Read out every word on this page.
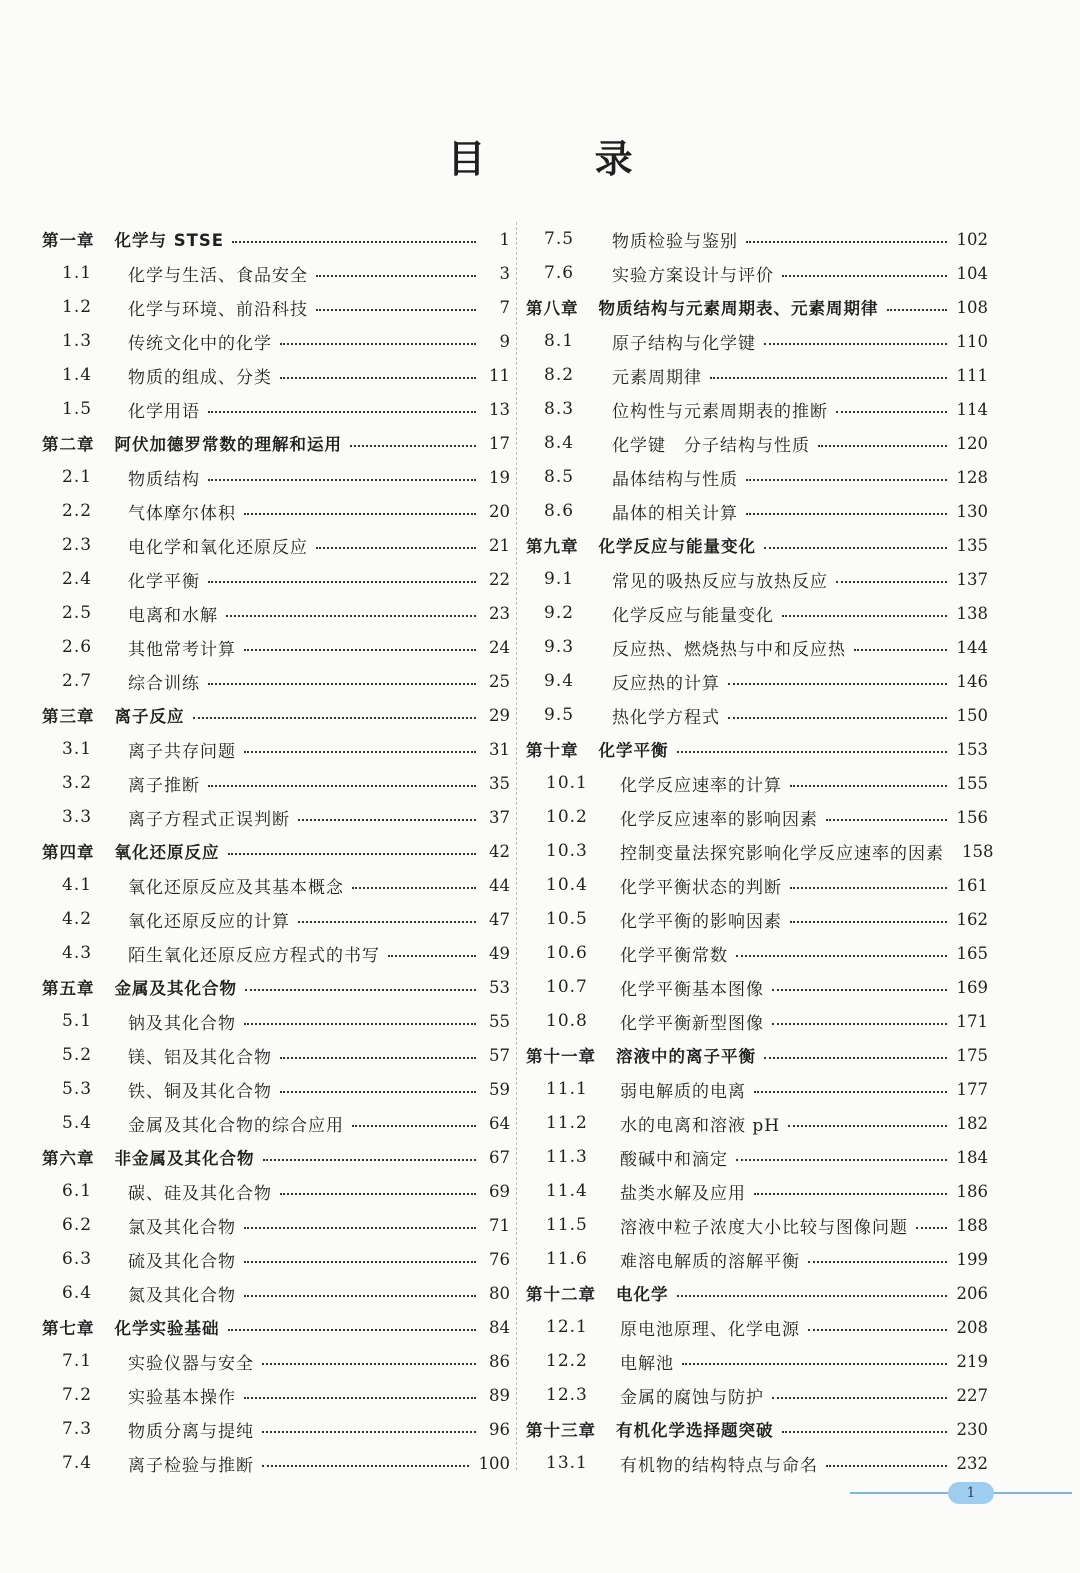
目 录
第一章 化学与 STSE	1
1.1	化学与生活、食品安全	3
1.2	化学与环境、前沿科技	7
1.3	传统文化中的化学	9
1.4	物质的组成、分类	11
1.5	化学用语	13
第二章 阿伏加德罗常数的理解和运用	17
2.1	物质结构	19
2.2	气体摩尔体积	20
2.3	电化学和氧化还原反应	21
2.4	化学平衡	22
2.5	电离和水解	23
2.6	其他常考计算	24
2.7	综合训练	25
第三章 离子反应	29
3.1	离子共存问题	31
3.2	离子推断	35
3.3	离子方程式正误判断	37
第四章 氧化还原反应	42
4.1	氧化还原反应及其基本概念	44
4.2	氧化还原反应的计算	47
4.3	陌生氧化还原反应方程式的书写	49
第五章 金属及其化合物	53
5.1	钠及其化合物	55
5.2	镁、铝及其化合物	57
5.3	铁、铜及其化合物	59
5.4	金属及其化合物的综合应用	64
第六章 非金属及其化合物	67
6.1	碳、硅及其化合物	69
6.2	氯及其化合物	71
6.3	硫及其化合物	76
6.4	氮及其化合物	80
第七章 化学实验基础	84
7.1	实验仪器与安全	86
7.2	实验基本操作	89
7.3	物质分离与提纯	96
7.4	离子检验与推断	100
7.5	物质检验与鉴别	102
7.6	实验方案设计与评价	104
第八章 物质结构与元素周期表、元素周期律	108
8.1	原子结构与化学键	110
8.2	元素周期律	111
8.3	位构性与元素周期表的推断	114
8.4	化学键　分子结构与性质	120
8.5	晶体结构与性质	128
8.6	晶体的相关计算	130
第九章 化学反应与能量变化	135
9.1	常见的吸热反应与放热反应	137
9.2	化学反应与能量变化	138
9.3	反应热、燃烧热与中和反应热	144
9.4	反应热的计算	146
9.5	热化学方程式	150
第十章 化学平衡	153
10.1	化学反应速率的计算	155
10.2	化学反应速率的影响因素	156
10.3	控制变量法探究影响化学反应速率的因素 158
10.4	化学平衡状态的判断	161
10.5	化学平衡的影响因素	162
10.6	化学平衡常数	165
10.7	化学平衡基本图像	169
10.8	化学平衡新型图像	171
第十一章 溶液中的离子平衡	175
11.1	弱电解质的电离	177
11.2	水的电离和溶液 pH	182
11.3	酸碱中和滴定	184
11.4	盐类水解及应用	186
11.5	溶液中粒子浓度大小比较与图像问题	188
11.6	难溶电解质的溶解平衡	199
第十二章 电化学	206
12.1	原电池原理、化学电源	208
12.2	电解池	219
12.3	金属的腐蚀与防护	227
第十三章 有机化学选择题突破	230
13.1	有机物的结构特点与命名	232
1
